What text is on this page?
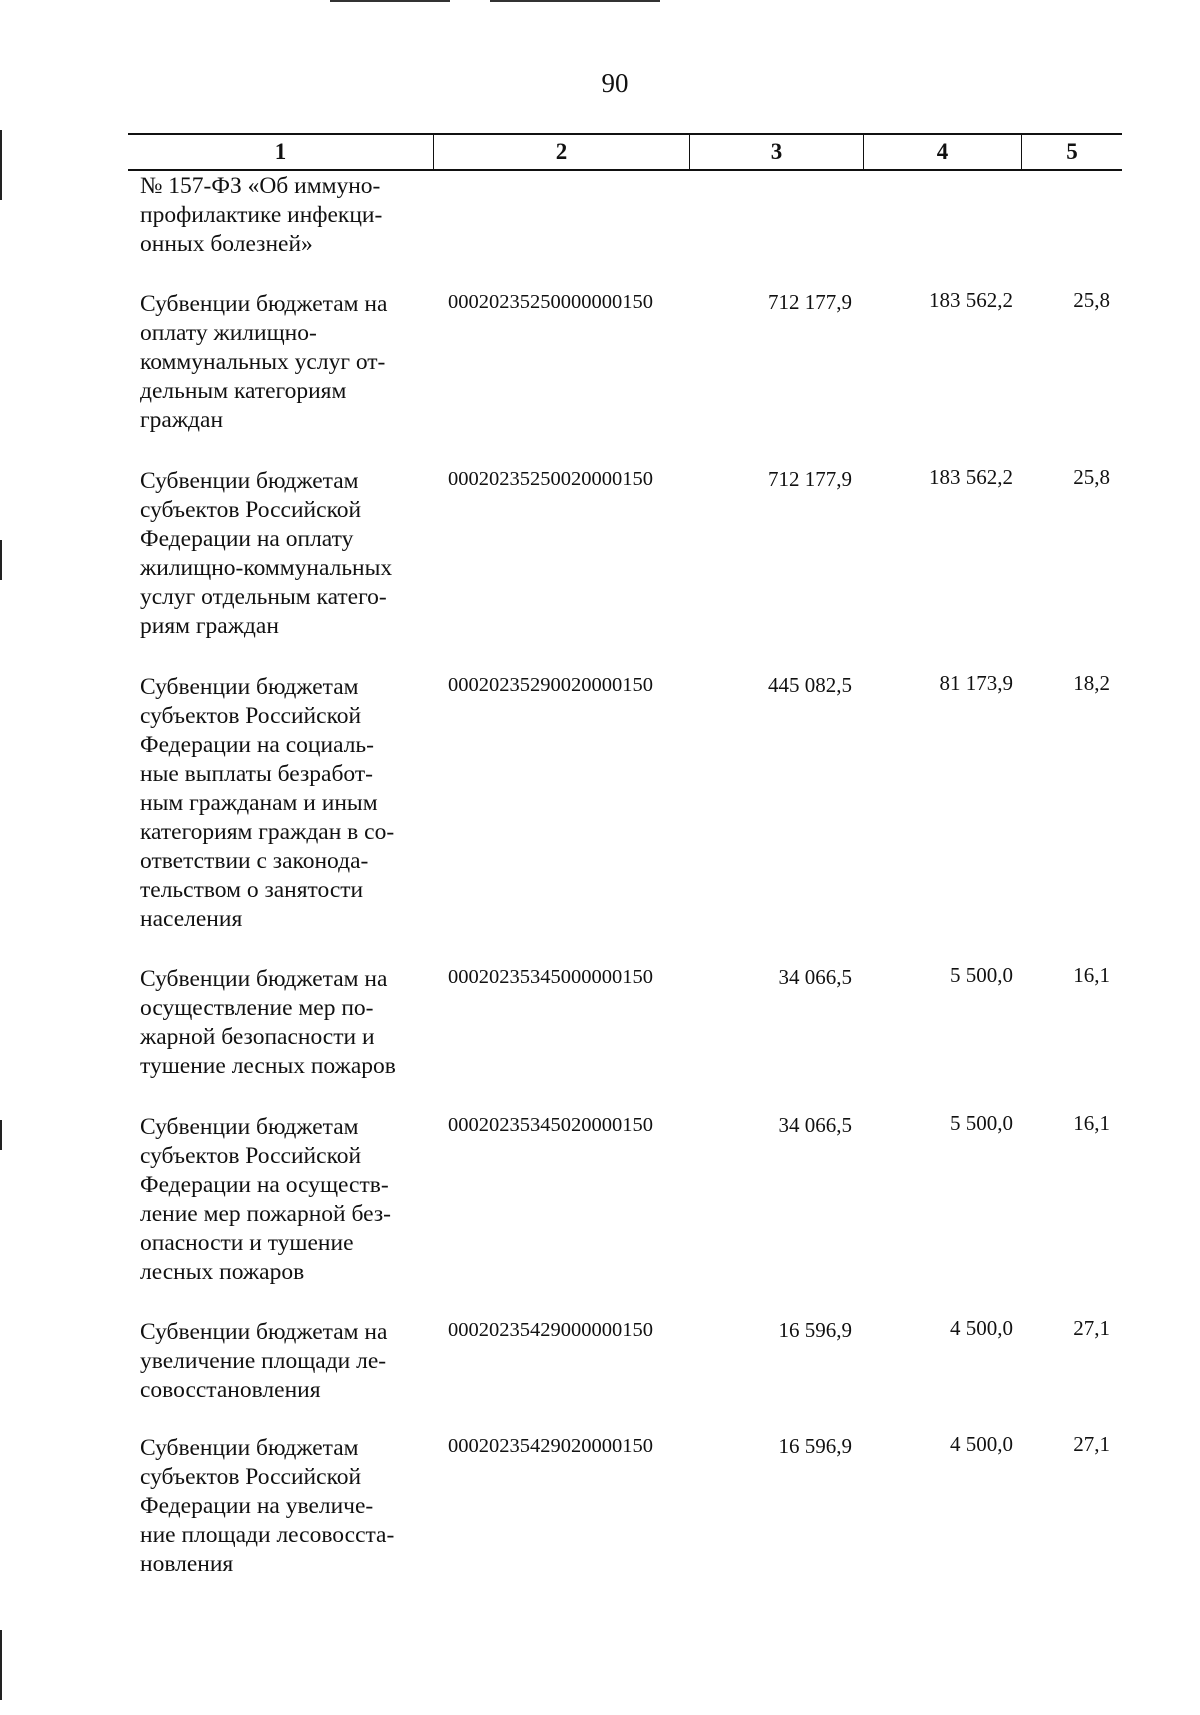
90
1	2	3	4	5
№ 157-ФЗ «Об иммуно-
профилактике инфекци-
онных болезней»
Субвенции бюджетам на
оплату жилищно-
коммунальных услуг от-
дельным категориям
граждан
00020235250000000150	712 177,9	183 562,2	25,8
Субвенции бюджетам
субъектов Российской
Федерации на оплату
жилищно-коммунальных
услуг отдельным катего-
риям граждан
00020235250020000150	712 177,9	183 562,2	25,8
Субвенции бюджетам
субъектов Российской
Федерации на социаль-
ные выплаты безработ-
ным гражданам и иным
категориям граждан в со-
ответствии с законода-
тельством о занятости
населения
00020235290020000150	445 082,5	81 173,9	18,2
Субвенции бюджетам на
осуществление мер по-
жарной безопасности и
тушение лесных пожаров
00020235345000000150	34 066,5	5 500,0	16,1
Субвенции бюджетам
субъектов Российской
Федерации на осуществ-
ление мер пожарной без-
опасности и тушение
лесных пожаров
00020235345020000150	34 066,5	5 500,0	16,1
Субвенции бюджетам на
увеличение площади ле-
совосстановления
00020235429000000150	16 596,9	4 500,0	27,1
Субвенции бюджетам
субъектов Российской
Федерации на увеличе-
ние площади лесовосста-
новления
00020235429020000150	16 596,9	4 500,0	27,1
